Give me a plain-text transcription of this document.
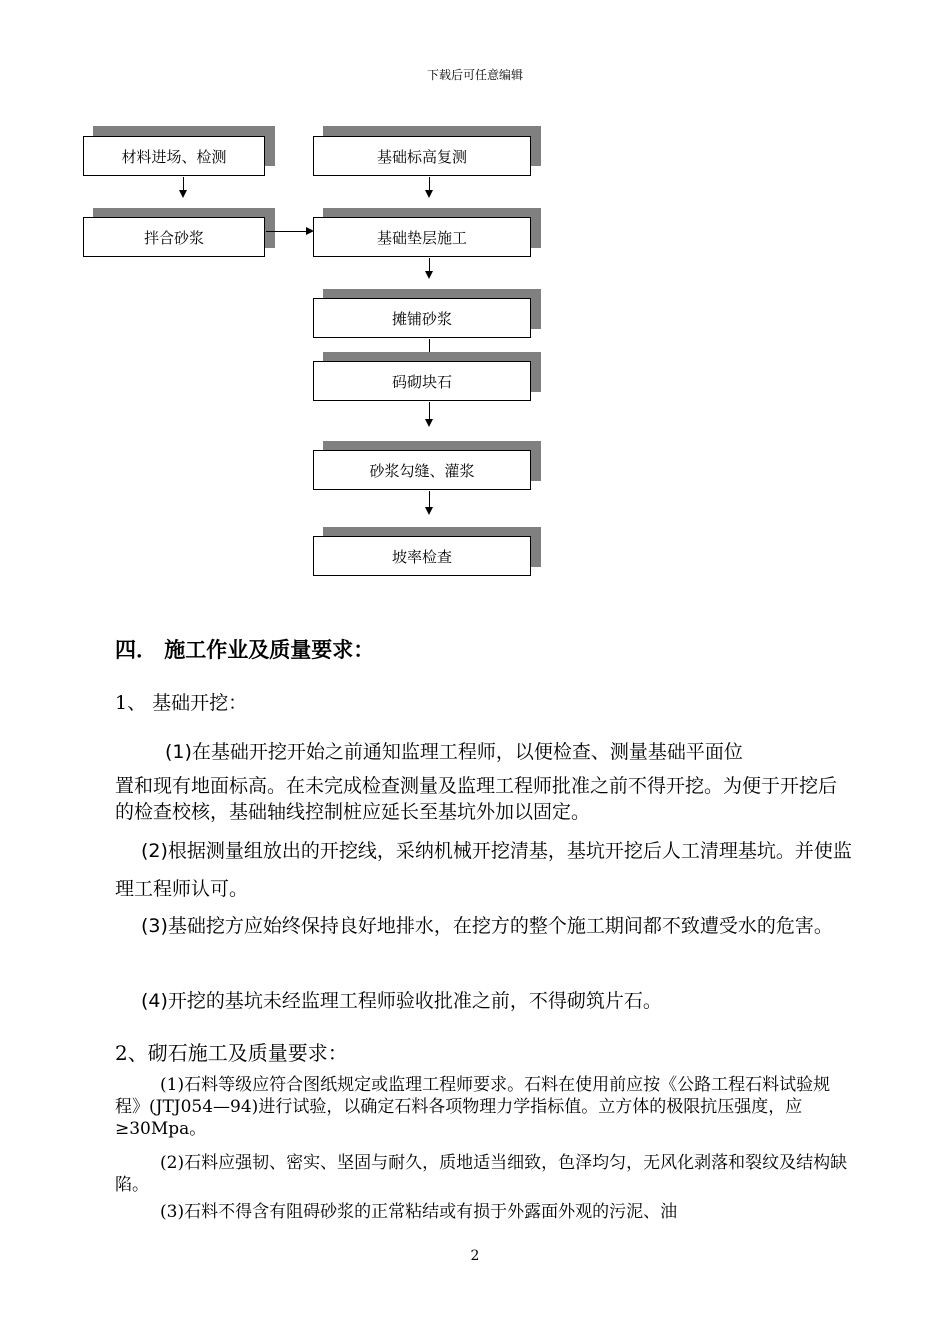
下载后可任意编辑
材料进场、检测
拌合砂浆
基础标高复测
基础垫层施工
摊铺砂浆
码砌块石
砂浆勾缝、灌浆
坡率检查
四． 施工作业及质量要求：
1、 基础开挖：
(1)在基础开挖开始之前通知监理工程师，以便检查、测量基础平面位
置和现有地面标高。在未完成检查测量及监理工程师批准之前不得开挖。为便于开挖后的检查校核，基础轴线控制桩应延长至基坑外加以固定。
(2)根据测量组放出的开挖线，采纳机械开挖清基，基坑开挖后人工清理基坑。并使监理工程师认可。
(3)基础挖方应始终保持良好地排水，在挖方的整个施工期间都不致遭受水的危害。
(4)开挖的基坑未经监理工程师验收批准之前，不得砌筑片石。
2、砌石施工及质量要求：
(1)石料等级应符合图纸规定或监理工程师要求。石料在使用前应按《公路工程石料试验规程》(JTJ054—94)进行试验，以确定石料各项物理力学指标值。立方体的极限抗压强度，应≥30Mpa。
(2)石料应强韧、密实、坚固与耐久，质地适当细致，色泽均匀，无风化剥落和裂纹及结构缺陷。
(3)石料不得含有阻碍砂浆的正常粘结或有损于外露面外观的污泥、油
2
